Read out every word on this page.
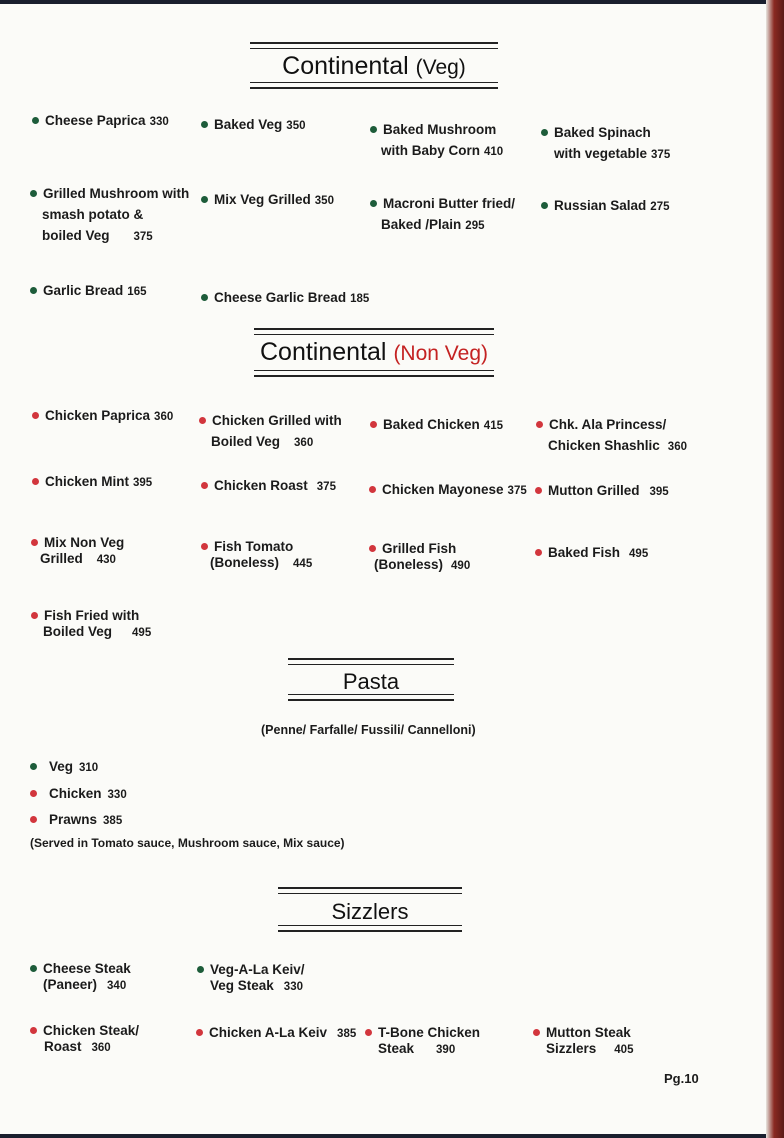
Continental (Veg)
Cheese Paprica 330	Baked Veg 350	Baked Mushroom
with Baby Corn 410
Baked Spinach
with vegetable 375
Grilled Mushroom with
smash potato &
boiled Veg 375
Mix Veg Grilled 350	Macroni Butter fried/
Baked /Plain 295
Russian Salad 275
Garlic Bread 165	Cheese Garlic Bread 185
Continental (Non Veg)
Chicken Paprica 360	Chicken Grilled with
Boiled Veg 360
Baked Chicken 415	Chk. Ala Princess/
Chicken Shashlic 360
Chicken Mint 395	Chicken Roast 375	Chicken Mayonese 375	Mutton Grilled 395
Mix Non Veg
Grilled 430
Fish Tomato
(Boneless) 445
Grilled Fish
(Boneless) 490
Baked Fish 495
Fish Fried with
Boiled Veg 495
Pasta
(Penne/ Farfalle/ Fussili/ Cannelloni)
Veg 310
Chicken 330
Prawns 385
(Served in Tomato sauce, Mushroom sauce, Mix sauce)
Sizzlers
Cheese Steak
(Paneer) 340
Veg-A-La Keiv/
Veg Steak 330
Chicken Steak/
Roast 360
Chicken A-La Keiv 385	T-Bone Chicken
Steak 390
Mutton Steak
Sizzlers 405
Pg.10
